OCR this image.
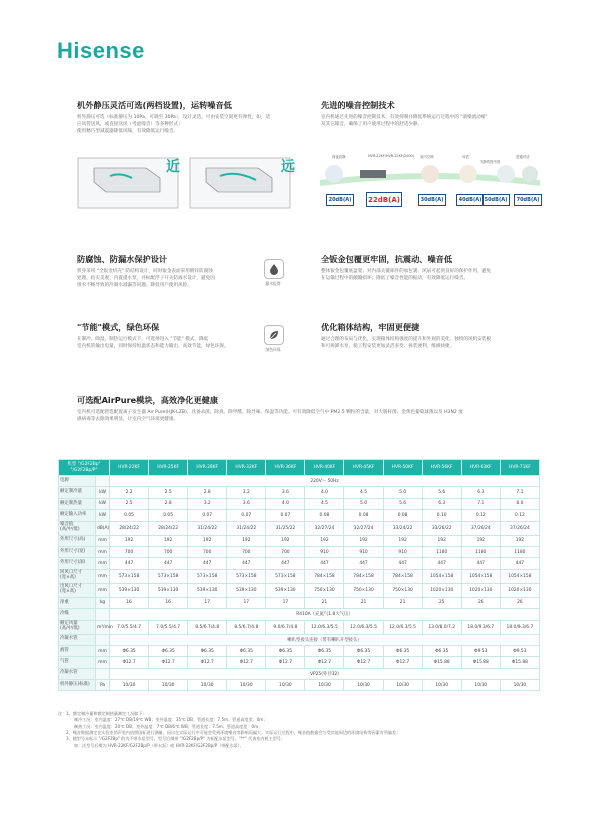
Hisense
机外静压灵活可选(两档设置)，运转噪音低

机外静压可选（标准静压为 10Pa，可调至 30Pa），设计灵活、可由安装空间更有弹性，如，适
应风管送风，或直接送风（考虑噪音）等多种形式；
使用精巧型减震器降低风噪，有效降低运行噪音。

近	远
先进的噪音控制技术

室内机通过先进的噪音控制技术，有效抑制并降低系统运行过程中的 "湍噪流动噪"
及其它噪音，确保了用户使用过程中的舒适少静。

深夜寂静	HVR-22KF/HVR-22KF(2000) 室内空调	耳语
安静的图书馆
普通对话
20dB(A)	22dB(A)	30dB(A)	40dB(A) 50dB(A)	70dB(A)
防腐蚀、防漏水保护设计

机身采用 "全钣金机壳" 防结构设计，同时钣金表面采用镀锌防腐蚀
处理，结实美观；内置提水泵，并标配浮子开关防溢水设计，避免因
排水不畅导致的冷凝水溢漏等问题，降低用户使用风险。	漏水报警
全钣金包覆更牢固，抗震动、噪音低

整体钣金包覆底盘架，对内部关键部件的加包裹、风扇可起到良好的保护作用，避免
在运输过程中的颠簸损坏；降低了噪音性能的振动，有效降低运行噪音。

"节能"模式，绿色环保

在制冷、除湿、制热运行模式下，可选择进入 "节能" 模式，降低
室内机的输出电量，同时保持恒温状态和能力输出，高效节能，绿色环保。

绿色环保
优化箱体结构，牢固更便捷

通过合理的布局与优化，实现箱体结构强度的提升和外观的美化，独特的风机安装板
和可拆卸水泵，使工程安装更加灵活多变、拆装便利，维修快捷。

可选配AirPure模块，高效净化更健康

室内机可选配智选配置离子发生器 Air Pure(HJK-LZB)，具备杀菌、除臭、除甲醛、除异味、保湿等功能。可有效降低空气中 PM2.5 颗粒的含量，对大肠杆菌、金黄色葡萄球菌以及 H3N2 流
感病毒等去除效果明显，让室内空气环境更健康。

机型 "/G2F2Bp"
"/G2F2Bp/P"		HVR-22KF	HVR-25KF	HVR-28KF	HVR-32KF	HVR-36KF	HVR-40KF	HVR-45KF	HVR-50KF	HVR-56KF	HVR-63KF	HVR-71KF
电源		220V～ 50Hz										
额定制冷量	kW	2.2	2.5	2.8	3.2	3.6	4.0	4.5	5.0	5.6	6.3	7.1
额定制热量	kW	2.5	2.8	3.2	3.6	4.0	4.5	5.0	5.6	6.3	7.1	8.0
额定输入功率	kW	0.05	0.05	0.07	0.07	0.07	0.08	0.08	0.08	0.10	0.12	0.12
噪音值
(高/中/低)	dB(A)	28/24/22	28/24/22	31/24/22	31/24/22	31/25/22	32/27/24	32/27/24	33/24/22	33/26/22	37/26/24	37/26/24
外形尺寸(高)	mm	192	192	192	192	192	192	192	192	192	192	192
外形尺寸(宽)	mm	700	700	700	700	700	910	910	910	1180	1180	1180
外形尺寸(深)	mm	447	447	447	447	447	447	447	447	447	447	447
回风口尺寸
(宽×高)	mm	573×158	573×158	573×158	573×158	573×158	784×158	784×158	784×158	1054×158	1054×158	1054×158
出风口尺寸
(宽×高)	mm	539×130	539×130	539×130	539×130	539×130	750×130	750×130	750×130	1020×130	1020×130	1020×130
净重	kg	16	16	17	17	17	21	21	21	25	26	26
冷媒		R410A（充氮气1.8大气压）										
额定风量
(高/中/低)	m³/min	7.0/5.5/4.7	7.0/5.5/4.7	8.5/6.7/4.8	8.5/6.7/4.8	9.0/6.7/4.8	12.0/6.3/5.5	12.0/6.3/5.5	12.0/6.3/5.5	13.0/8.0/7.2	18.0/9.3/6.7	18.0/9.3/6.7
冷凝水管		喇叭型接头连接（带有喇叭开型接头）										
液管	mm	Φ6.35	Φ6.35	Φ6.35	Φ6.35	Φ6.35	Φ6.35	Φ6.35	Φ6.35	Φ6.35	Φ9.53	Φ9.53
气管	mm	Φ12.7	Φ12.7	Φ12.7	Φ12.7	Φ12.7	Φ12.7	Φ12.7	Φ12.7	Φ15.88	Φ15.88	Φ15.88
冷凝水管		VP25(外径32)										
机外静压(标准)	Pa	10/30	10/30	10/30	10/30	10/30	10/30	10/30	10/30	10/30	10/30	10/30
注：1、额定制冷量和额定制热量测定工况如下：
制冷工况：室内温度：27℃ DB/19℃ WB；室外温度：35℃ DB；管道长度：7.5m；管道高度差：0m；
制热工况：室内温度：20℃ DB；室外温度：7℃ DB/6℃ WB；管道长度：7.5m；管道高度差：0m；
2、噪音数据测定在实验室消声室内依照国标进行测量，因出在实际运行中可能会受到环境噪音等影响而偏大；实际运行过程中，噪音值数据会与受其他周边的环境结构等因素有所偏差；
3、随型号末标示 "/G2F2Bp" 的为不带水泵型号，型号后缀带 "/G2F2Bp/P" 为标配水泵型号。"**" 代表室内机主型号；
如：泛型号后缀为 HVR-22KF/G2F2Bp/P（带水泵）或 HVR-22KF/G2F2Bp/P（带配水泵）。
